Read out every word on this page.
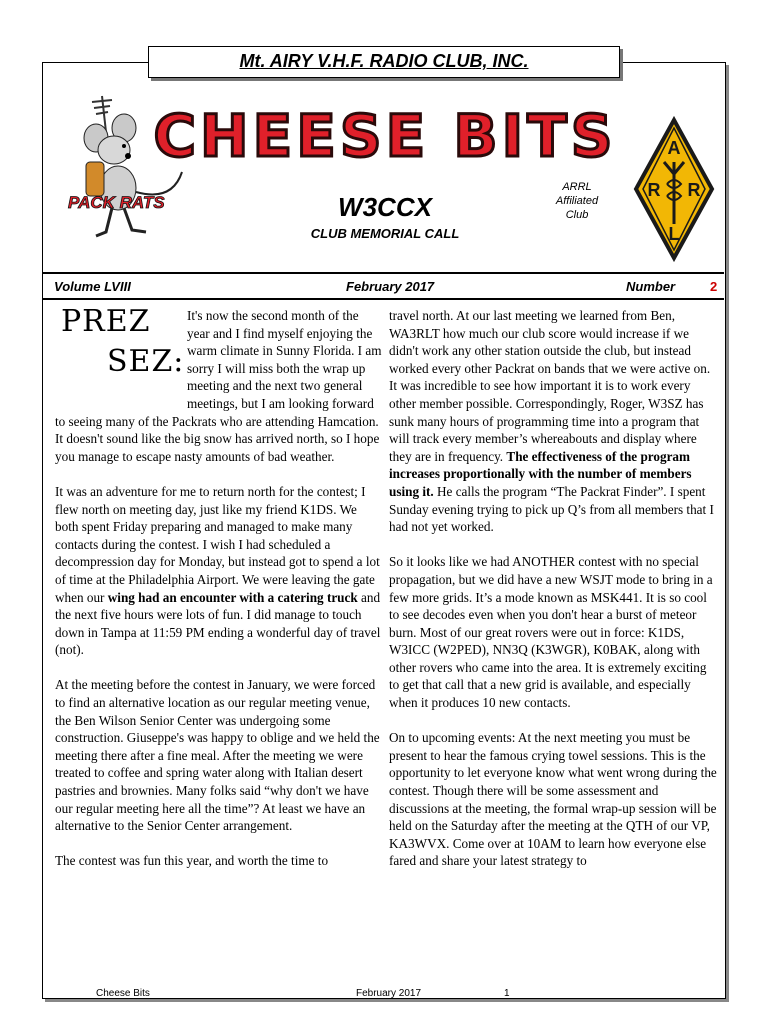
Mt. AIRY V.H.F. RADIO CLUB, INC.
PACK RATS
CHEESE BITS
W3CCX
CLUB MEMORIAL CALL
ARRL
Affiliated
Club
A
R R
L
Volume LVIII	February 2017	Number	2
PREZ
SEZ:

It's now the second month of the year and I find myself enjoying the warm climate in Sunny Florida. I am sorry I will miss both the wrap up meeting and the next two general meetings, but I am looking forward to seeing many of the Packrats who are attending Hamcation. It doesn't sound like the big snow has arrived north, so I hope you manage to escape nasty amounts of bad weather.

It was an adventure for me to return north for the contest; I flew north on meeting day, just like my friend K1DS. We both spent Friday preparing and managed to make many contacts during the contest. I wish I had scheduled a decompression day for Monday, but instead got to spend a lot of time at the Philadelphia Airport. We were leaving the gate when our wing had an encounter with a catering truck and the next five hours were lots of fun. I did manage to touch down in Tampa at 11:59 PM ending a wonderful day of travel (not).

At the meeting before the contest in January, we were forced to find an alternative location as our regular meeting venue, the Ben Wilson Senior Center was undergoing some construction. Giuseppe's was happy to oblige and we held the meeting there after a fine meal. After the meeting we were treated to coffee and spring water along with Italian desert pastries and brownies. Many folks said “why don't we have our regular meeting here all the time”? At least we have an alternative to the Senior Center arrangement.

The contest was fun this year, and worth the time to

travel north. At our last meeting we learned from Ben, WA3RLT how much our club score would increase if we didn't work any other station outside the club, but instead worked every other Packrat on bands that we were active on. It was incredible to see how important it is to work every other member possible. Correspondingly, Roger, W3SZ has sunk many hours of programming time into a program that will track every member’s whereabouts and display where they are in frequency. The effectiveness of the program increases proportionally with the number of members using it. He calls the program “The Packrat Finder”. I spent Sunday evening trying to pick up Q’s from all members that I had not yet worked.

So it looks like we had ANOTHER contest with no special propagation, but we did have a new WSJT mode to bring in a few more grids. It’s a mode known as MSK441. It is so cool to see decodes even when you don't hear a burst of meteor burn. Most of our great rovers were out in force: K1DS, W3ICC (W2PED), NN3Q (K3WGR), K0BAK, along with other rovers who came into the area. It is extremely exciting to get that call that a new grid is available, and especially when it produces 10 new contacts.

On to upcoming events: At the next meeting you must be present to hear the famous crying towel sessions. This is the opportunity to let everyone know what went wrong during the contest. Though there will be some assessment and discussions at the meeting, the formal wrap-up session will be held on the Saturday after the meeting at the QTH of our VP, KA3WVX. Come over at 10AM to learn how everyone else fared and share your latest strategy to

Cheese Bits	February 2017	1
